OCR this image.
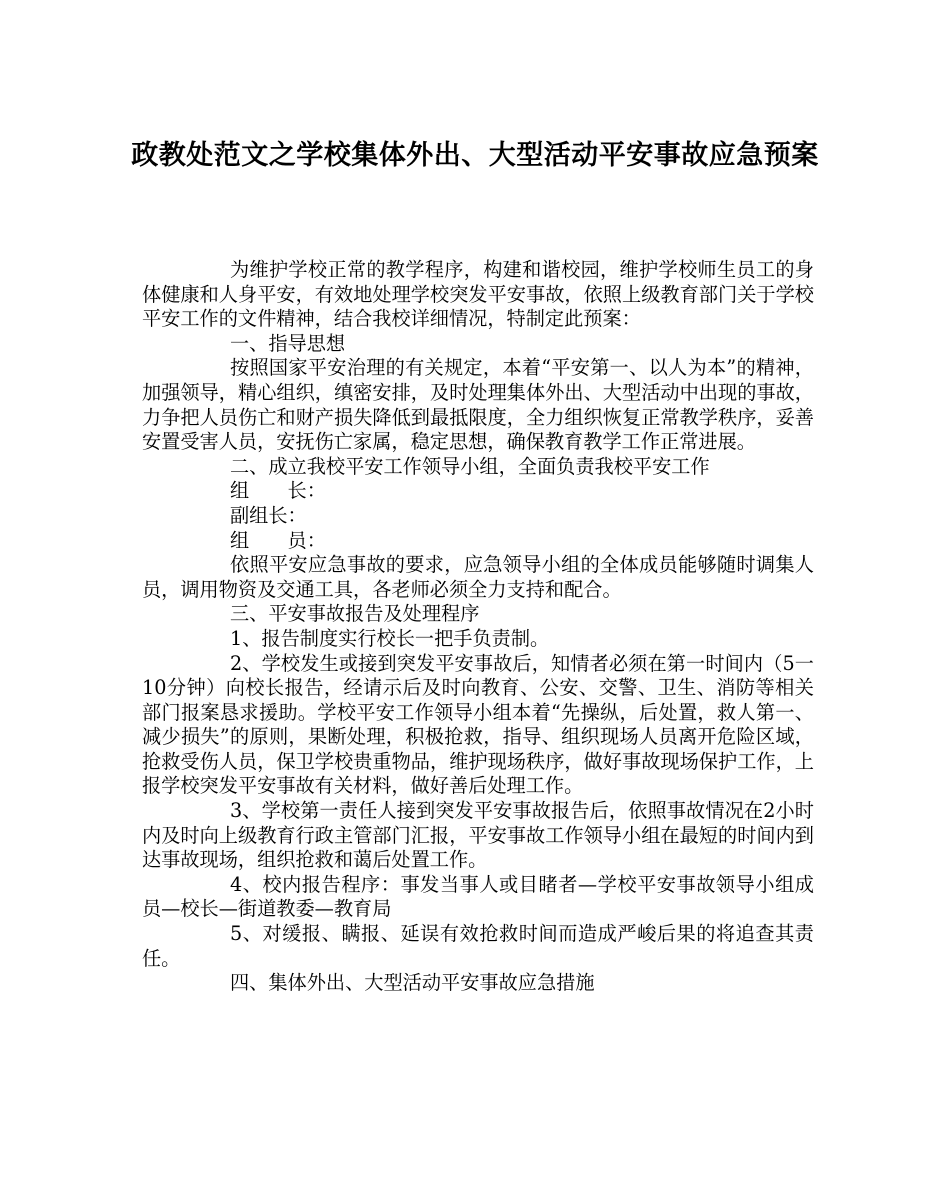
政教处范文之学校集体外出、大型活动平安事故应急预案

为维护学校正常的教学程序，构建和谐校园，维护学校师生员工的身体健康和人身平安，有效地处理学校突发平安事故，依照上级教育部门关于学校平安工作的文件精神，结合我校详细情况，特制定此预案：

一、指导思想

按照国家平安治理的有关规定，本着“平安第一、以人为本”的精神，加强领导，精心组织，缜密安排，及时处理集体外出、大型活动中出现的事故，力争把人员伤亡和财产损失降低到最抵限度，全力组织恢复正常教学秩序，妥善安置受害人员，安抚伤亡家属，稳定思想，确保教育教学工作正常进展。

二、成立我校平安工作领导小组，全面负责我校平安工作

组　　长：

副组长：

组　　员：

依照平安应急事故的要求，应急领导小组的全体成员能够随时调集人员，调用物资及交通工具，各老师必须全力支持和配合。

三、平安事故报告及处理程序

1、报告制度实行校长一把手负责制。

2、学校发生或接到突发平安事故后，知情者必须在第一时间内（5一10分钟）向校长报告，经请示后及时向教育、公安、交警、卫生、消防等相关部门报案恳求援助。学校平安工作领导小组本着“先操纵，后处置，救人第一、减少损失”的原则，果断处理，积极抢救，指导、组织现场人员离开危险区域，抢救受伤人员，保卫学校贵重物品，维护现场秩序，做好事故现场保护工作，上报学校突发平安事故有关材料，做好善后处理工作。

3、学校第一责任人接到突发平安事故报告后，依照事故情况在2小时内及时向上级教育行政主管部门汇报，平安事故工作领导小组在最短的时间内到达事故现场，组织抢救和蔼后处置工作。

4、校内报告程序：事发当事人或目睹者—学校平安事故领导小组成员—校长—街道教委—教育局

5、对缓报、瞒报、延误有效抢救时间而造成严峻后果的将追查其责任。

四、集体外出、大型活动平安事故应急措施
